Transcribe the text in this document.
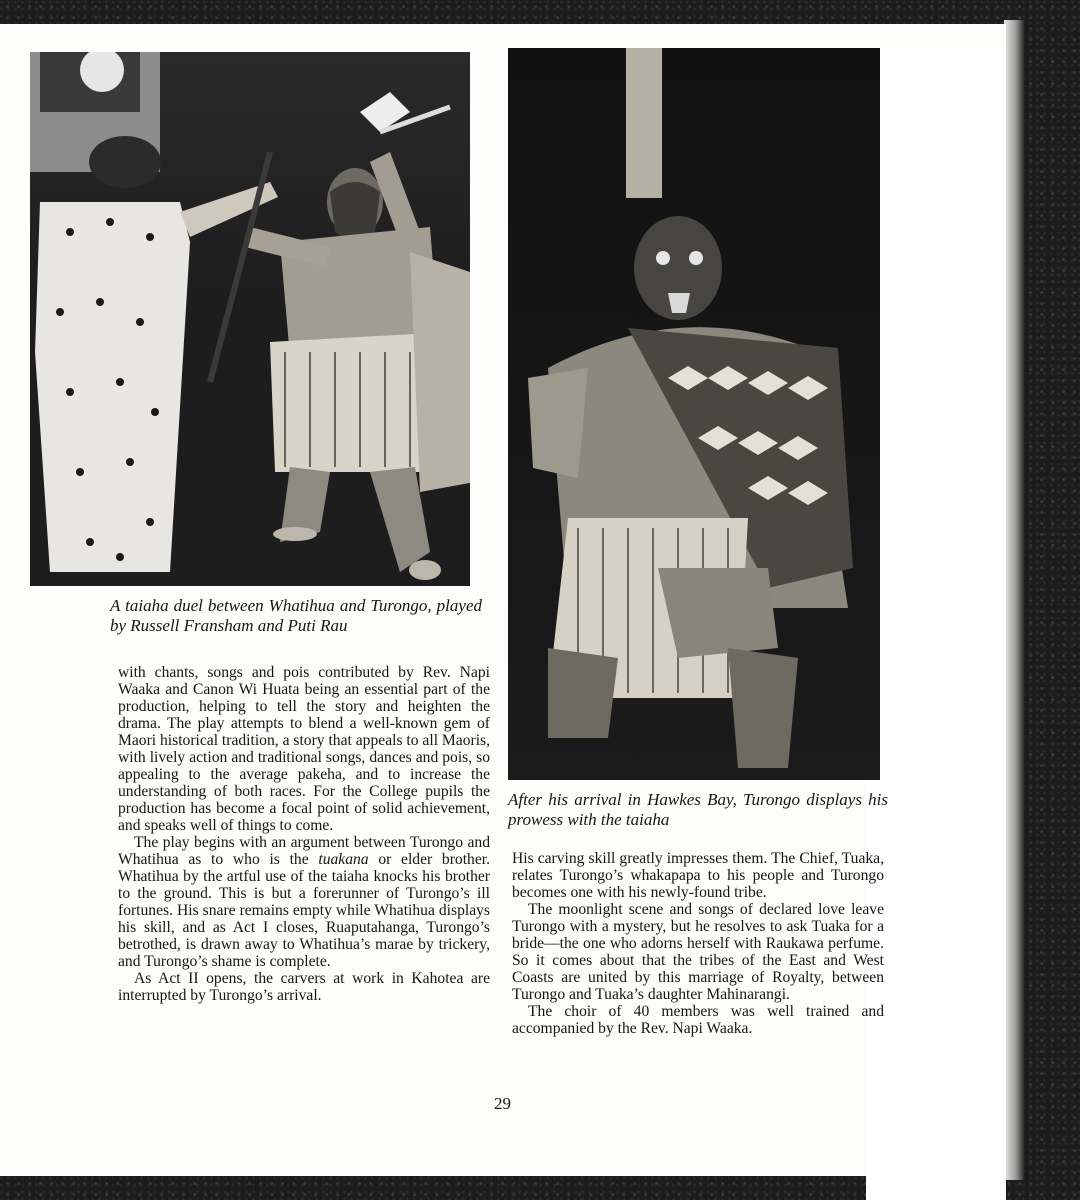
A taiaha duel between Whatihua and Turongo, played by Russell Fransham and Puti Rau
After his arrival in Hawkes Bay, Turongo displays his prowess with the taiaha

with chants, songs and pois contributed by Rev. Napi Waaka and Canon Wi Huata being an essential part of the production, helping to tell the story and heighten the drama. The play attempts to blend a well-known gem of Maori historical tradition, a story that appeals to all Maoris, with lively action and traditional songs, dances and pois, so appealing to the average pakeha, and to increase the understanding of both races. For the College pupils the production has become a focal point of solid achievement, and speaks well of things to come.

The play begins with an argument between Turongo and Whatihua as to who is the tuakana or elder brother. Whatihua by the artful use of the taiaha knocks his brother to the ground. This is but a forerunner of Turongo’s ill fortunes. His snare remains empty while Whatihua displays his skill, and as Act I closes, Ruaputahanga, Turongo’s betrothed, is drawn away to Whatihua’s marae by trickery, and Turongo’s shame is complete.

As Act II opens, the carvers at work in Kahotea are interrupted by Turongo’s arrival.

His carving skill greatly impresses them. The Chief, Tuaka, relates Turongo’s whakapapa to his people and Turongo becomes one with his newly-found tribe.

The moonlight scene and songs of declared love leave Turongo with a mystery, but he resolves to ask Tuaka for a bride—the one who adorns herself with Raukawa perfume. So it comes about that the tribes of the East and West Coasts are united by this marriage of Royalty, between Turongo and Tuaka’s daughter Mahinarangi.

The choir of 40 members was well trained and accompanied by the Rev. Napi Waaka.

29
